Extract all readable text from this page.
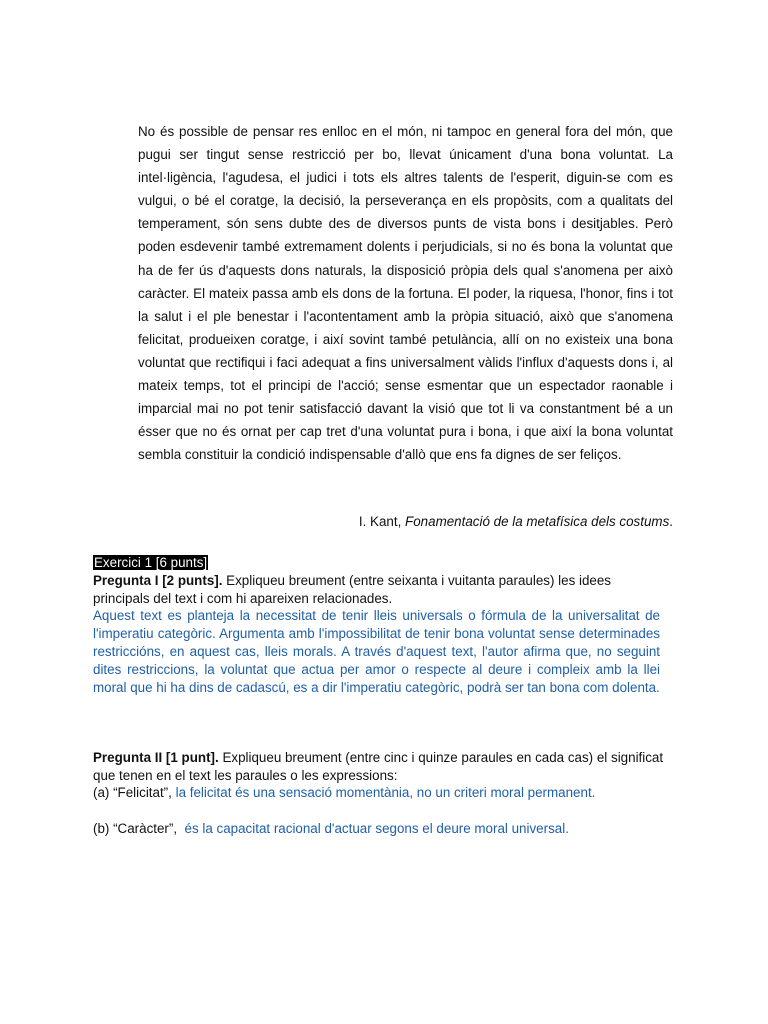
No és possible de pensar res enlloc en el món, ni tampoc en general fora del món, que pugui ser tingut sense restricció per bo, llevat únicament d'una bona voluntat. La intel·ligència, l'agudesa, el judici i tots els altres talents de l'esperit, diguin-se com es vulgui, o bé el coratge, la decisió, la perseverança en els propòsits, com a qualitats del temperament, són sens dubte des de diversos punts de vista bons i desitjables. Però poden esdevenir també extremament dolents i perjudicials, si no és bona la voluntat que ha de fer ús d'aquests dons naturals, la disposició pròpia dels qual s'anomena per això caràcter. El mateix passa amb els dons de la fortuna. El poder, la riquesa, l'honor, fins i tot la salut i el ple benestar i l'acontentament amb la pròpia situació, això que s'anomena felicitat, produeixen coratge, i així sovint també petulància, allí on no existeix una bona voluntat que rectifiqui i faci adequat a fins universalment vàlids l'influx d'aquests dons i, al mateix temps, tot el principi de l'acció; sense esmentar que un espectador raonable i imparcial mai no pot tenir satisfacció davant la visió que tot li va constantment bé a un ésser que no és ornat per cap tret d'una voluntat pura i bona, i que així la bona voluntat sembla constituir la condició indispensable d'allò que ens fa dignes de ser feliços.

I. Kant, Fonamentació de la metafísica dels costums.
Exercici 1 [6 punts]

Pregunta I [2 punts]. Expliqueu breument (entre seixanta i vuitanta paraules) les idees principals del text i com hi apareixen relacionades.

Aquest text es planteja la necessitat de tenir lleis universals o fórmula de la universalitat de l'imperatiu categòric. Argumenta amb l'impossibilitat de tenir bona voluntat sense determinades restriccións, en aquest cas, lleis morals. A través d'aquest text, l'autor afirma que, no seguint dites restriccions, la voluntat que actua per amor o respecte al deure i compleix amb la llei moral que hi ha dins de cadascú, es a dir l'imperatiu categòric, podrà ser tan bona com dolenta.

Pregunta II [1 punt]. Expliqueu breument (entre cinc i quinze paraules en cada cas) el significat que tenen en el text les paraules o les expressions:

(a) “Felicitat”, la felicitat és una sensació momentània, no un criteri moral permanent.
(b) “Caràcter”,  és la capacitat racional d'actuar segons el deure moral universal.
